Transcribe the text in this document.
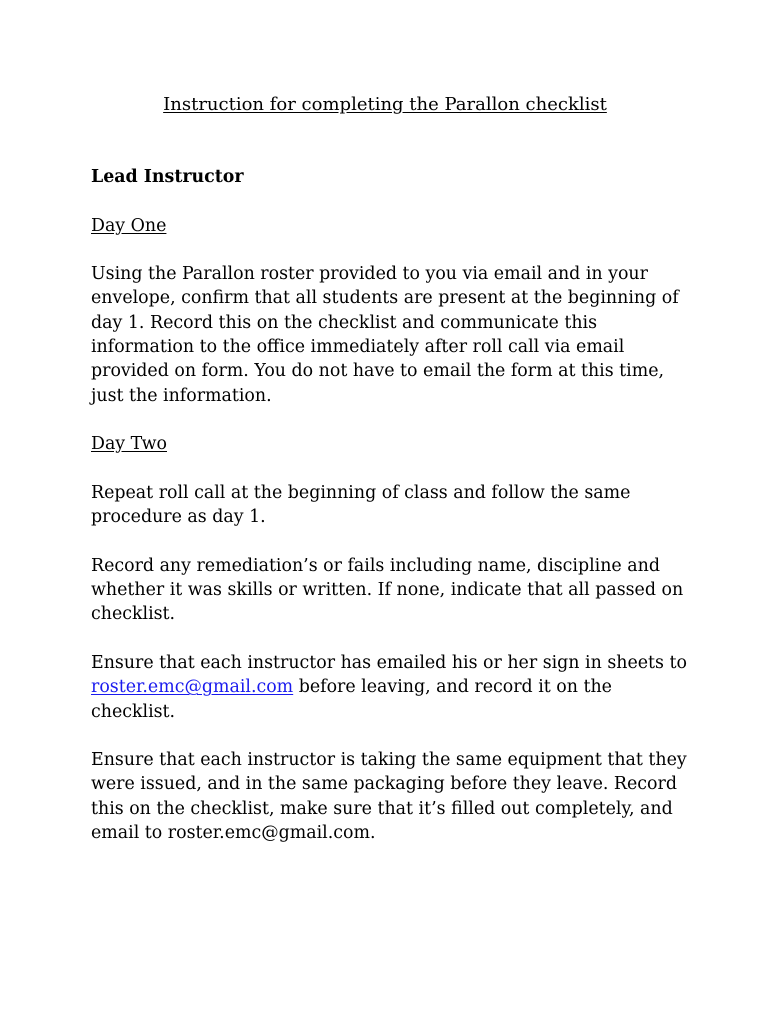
Instruction for completing the Parallon checklist

Lead Instructor

Day One

Using the Parallon roster provided to you via email and in your envelope, confirm that all students are present at the beginning of day 1. Record this on the checklist and communicate this information to the office immediately after roll call via email provided on form. You do not have to email the form at this time, just the information.

Day Two

Repeat roll call at the beginning of class and follow the same procedure as day 1.

Record any remediation’s or fails including name, discipline and whether it was skills or written. If none, indicate that all passed on checklist.

Ensure that each instructor has emailed his or her sign in sheets to roster.emc@gmail.com before leaving, and record it on the checklist.

Ensure that each instructor is taking the same equipment that they were issued, and in the same packaging before they leave. Record this on the checklist, make sure that it’s filled out completely, and email to roster.emc@gmail.com.
